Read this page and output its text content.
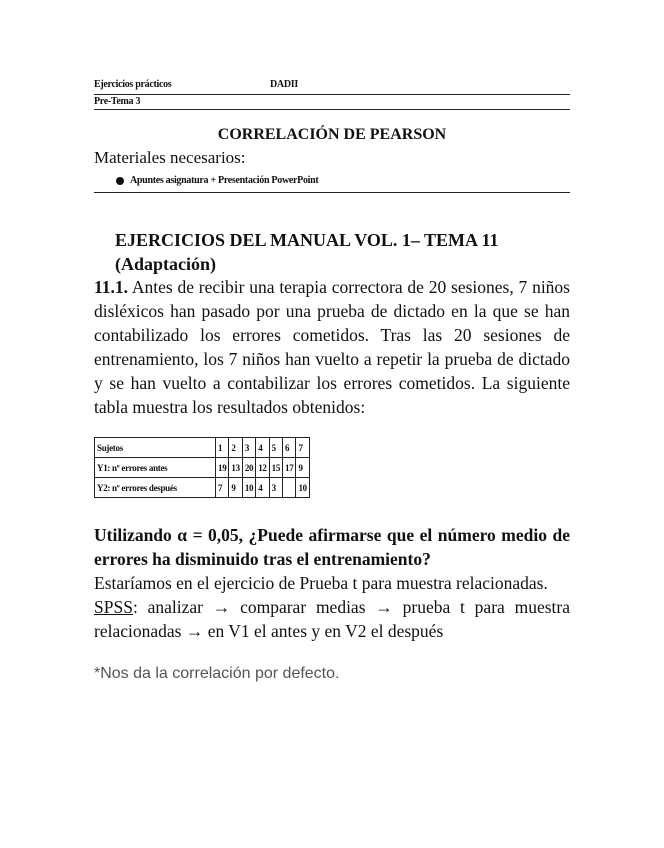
Ejercicios prácticos	DADII
Pre-Tema 3
CORRELACIÓN DE PEARSON
Materiales necesarios:
Apuntes asignatura + Presentación PowerPoint
EJERCICIOS DEL MANUAL VOL. 1– TEMA 11 (Adaptación)

11.1. Antes de recibir una terapia correctora de 20 sesiones, 7 niños disléxicos han pasado por una prueba de dictado en la que se han contabilizado los errores cometidos. Tras las 20 sesiones de entrenamiento, los 7 niños han vuelto a repetir la prueba de dictado y se han vuelto a contabilizar los errores cometidos. La siguiente tabla muestra los resultados obtenidos:

Sujetos	1	2	3	4	5	6	7
Y1: nº errores antes	19	13	20	12	15	17	9
Y2: nº errores después	7	9	10	4	3		10
Utilizando α = 0,05, ¿Puede afirmarse que el número medio de errores ha disminuido tras el entrenamiento?

Estaríamos en el ejercicio de Prueba t para muestra relacionadas.

SPSS: analizar → comparar medias → prueba t para muestra relacionadas → en V1 el antes y en V2 el después

*Nos da la correlación por defecto.
